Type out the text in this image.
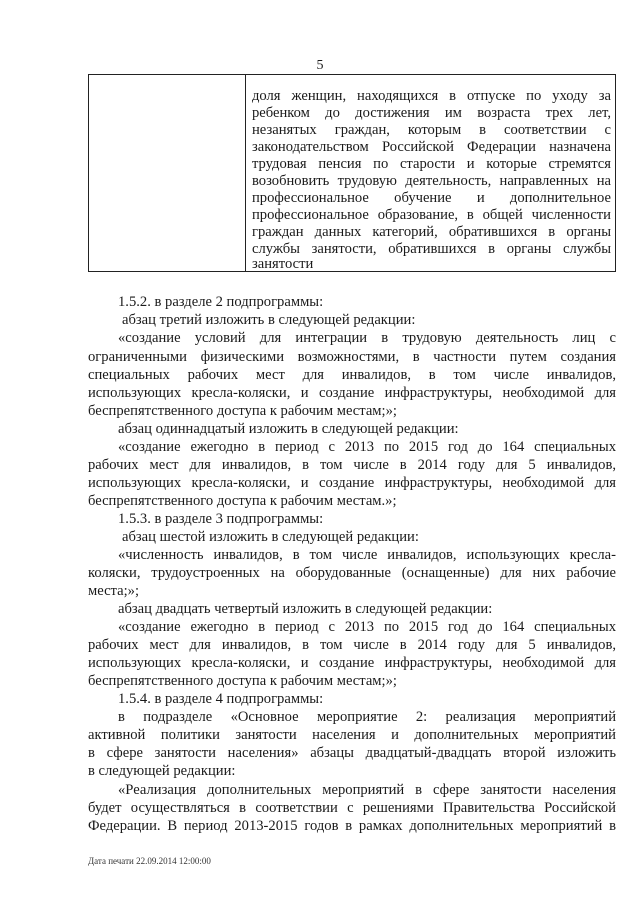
5
доля женщин, находящихся в отпуске по уходу за
ребенком до достижения им возраста трех лет,
незанятых граждан, которым в соответствии с
законодательством Российской Федерации назначена
трудовая пенсия по старости и которые стремятся
возобновить трудовую деятельность, направленных на
профессиональное обучение и дополнительное
профессиональное образование, в общей численности
граждан данных категорий, обратившихся в органы
службы занятости, обратившихся в органы службы
занятости
1.5.2. в разделе 2 подпрограммы:
абзац третий изложить в следующей редакции:
«создание условий для интеграции в трудовую деятельность лиц с
ограниченными физическими возможностями, в частности путем создания
специальных рабочих мест для инвалидов, в том числе инвалидов,
использующих кресла-коляски, и создание инфраструктуры, необходимой для
беспрепятственного доступа к рабочим местам;»;
абзац одиннадцатый изложить в следующей редакции:
«создание ежегодно в период с 2013 по 2015 год до 164 специальных
рабочих мест для инвалидов, в том числе в 2014 году для 5 инвалидов,
использующих кресла-коляски, и создание инфраструктуры, необходимой для
беспрепятственного доступа к рабочим местам.»;
1.5.3. в разделе 3 подпрограммы:
абзац шестой изложить в следующей редакции:
«численность инвалидов, в том числе инвалидов, использующих кресла-
коляски, трудоустроенных на оборудованные (оснащенные) для них рабочие
места;»;
абзац двадцать четвертый изложить в следующей редакции:
«создание ежегодно в период с 2013 по 2015 год до 164 специальных
рабочих мест для инвалидов, в том числе в 2014 году для 5 инвалидов,
использующих кресла-коляски, и создание инфраструктуры, необходимой для
беспрепятственного доступа к рабочим местам;»;
1.5.4. в разделе 4 подпрограммы:
в подразделе «Основное мероприятие 2: реализация мероприятий
активной политики занятости населения и дополнительных мероприятий
в сфере занятости населения» абзацы двадцатый-двадцать второй изложить
в следующей редакции:
«Реализация дополнительных мероприятий в сфере занятости населения
будет осуществляться в соответствии с решениями Правительства Российской
Федерации. В период 2013-2015 годов в рамках дополнительных мероприятий в
Дата печати 22.09.2014 12:00:00
